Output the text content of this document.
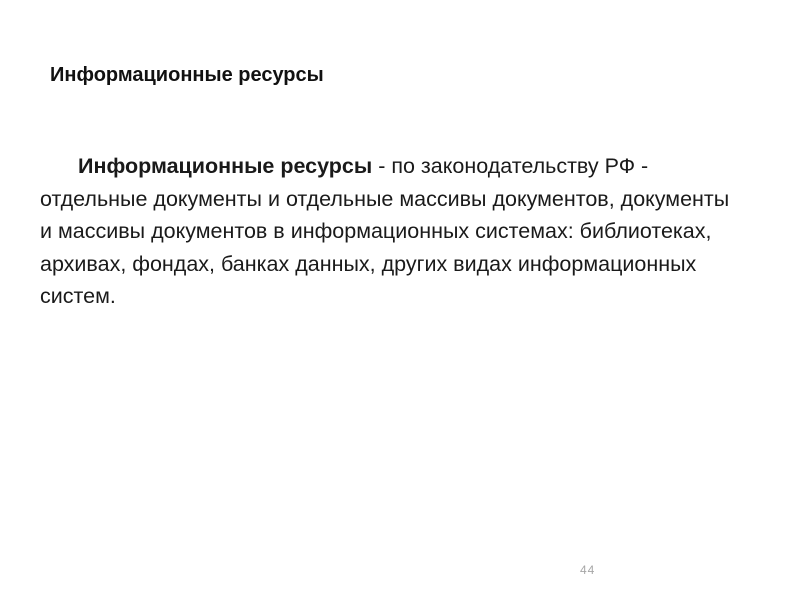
Информационные ресурсы

Информационные ресурсы - по законодательству РФ - отдельные документы и отдельные массивы документов, документы и массивы документов в информационных системах: библиотеках, архивах, фондах, банках данных, других видах информационных систем.

44
